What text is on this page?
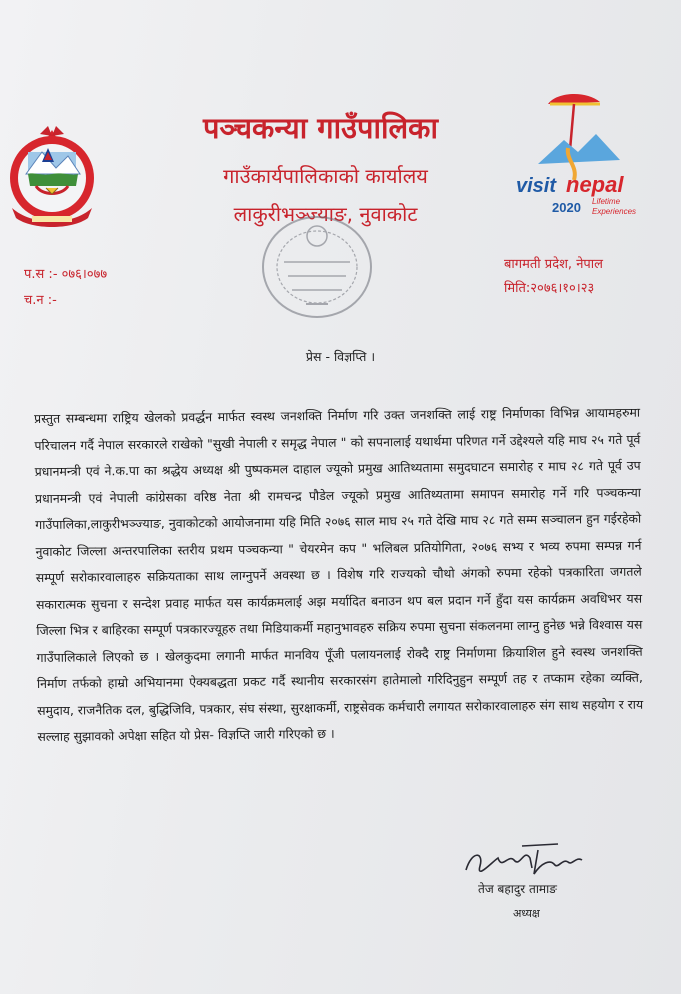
visit nepal
2020 Lifetime
Experiences
पञ्चकन्या गाउँपालिका
गाउँकार्यपालिकाको कार्यालय
लाकुरीभञ्ज्याङ, नुवाकोट
प.स :- ०७६।०७७
च.न :-
बागमती प्रदेश, नेपाल
मिति:२०७६।१०।२३
प्रेस - विज्ञप्ति ।
प्रस्तुत सम्बन्धमा राष्ट्रिय खेलको प्रवर्द्धन मार्फत स्वस्थ जनशक्ति निर्माण गरि उक्त जनशक्ति लाई राष्ट्र निर्माणका विभिन्न आयामहरुमा परिचालन गर्दै नेपाल सरकारले राखेको "सुखी नेपाली र समृद्ध नेपाल " को सपनालाई यथार्थमा परिणत गर्ने उद्देश्यले यहि माघ २५ गते पूर्व प्रधानमन्त्री एवं ने.क.पा का श्रद्धेय अध्यक्ष श्री पुष्पकमल दाहाल ज्यूको प्रमुख आतिथ्यतामा समुदघाटन समारोह र माघ २८ गते पूर्व उप प्रधानमन्त्री एवं नेपाली कांग्रेसका वरिष्ठ नेता श्री रामचन्द्र पौडेल ज्यूको प्रमुख आतिथ्यतामा समापन समारोह गर्ने गरि पञ्चकन्या गाउँपालिका,लाकुरीभञ्ज्याङ, नुवाकोटको आयोजनामा यहि मिति २०७६ साल माघ २५ गते देखि माघ २८ गते सम्म सञ्चालन हुन गईरहेको नुवाकोट जिल्ला अन्तरपालिका स्तरीय प्रथम पञ्चकन्या " चेयरमेन कप " भलिबल प्रतियोगिता, २०७६ सभ्य र भव्य रुपमा सम्पन्न गर्न सम्पूर्ण सरोकारवालाहरु सक्रियताका साथ लाग्नुपर्ने अवस्था छ । विशेष गरि राज्यको चौथो अंगको रुपमा रहेको पत्रकारिता जगतले सकारात्मक सुचना र सन्देश प्रवाह मार्फत यस कार्यक्रमलाई अझ मर्यादित बनाउन थप बल प्रदान गर्ने हुँदा यस कार्यक्रम अवधिभर यस जिल्ला भित्र र बाहिरका सम्पूर्ण पत्रकारज्यूहरु तथा मिडियाकर्मी महानुभावहरु सक्रिय रुपमा सुचना संकलनमा लाग्नु हुनेछ भन्ने विश्वास यस गाउँपालिकाले लिएको छ । खेलकुदमा लगानी मार्फत मानविय पूँजी पलायनलाई रोक्दै राष्ट्र निर्माणमा क्रियाशिल हुने स्वस्थ जनशक्ति निर्माण तर्फको हाम्रो अभियानमा ऐक्यबद्धता प्रकट गर्दै स्थानीय सरकारसंग हातेमालो गरिदिनुहुन सम्पूर्ण तह र तप्काम रहेका व्यक्ति, समुदाय, राजनैतिक दल, बुद्धिजिवि, पत्रकार, संघ संस्था, सुरक्षाकर्मी, राष्ट्रसेवक कर्मचारी लगायत सरोकारवालाहरु संग साथ सहयोग र राय सल्लाह सुझावको अपेक्षा सहित यो प्रेस- विज्ञप्ति जारी गरिएको छ ।
तेज बहादुर तामाङ
अध्यक्ष
